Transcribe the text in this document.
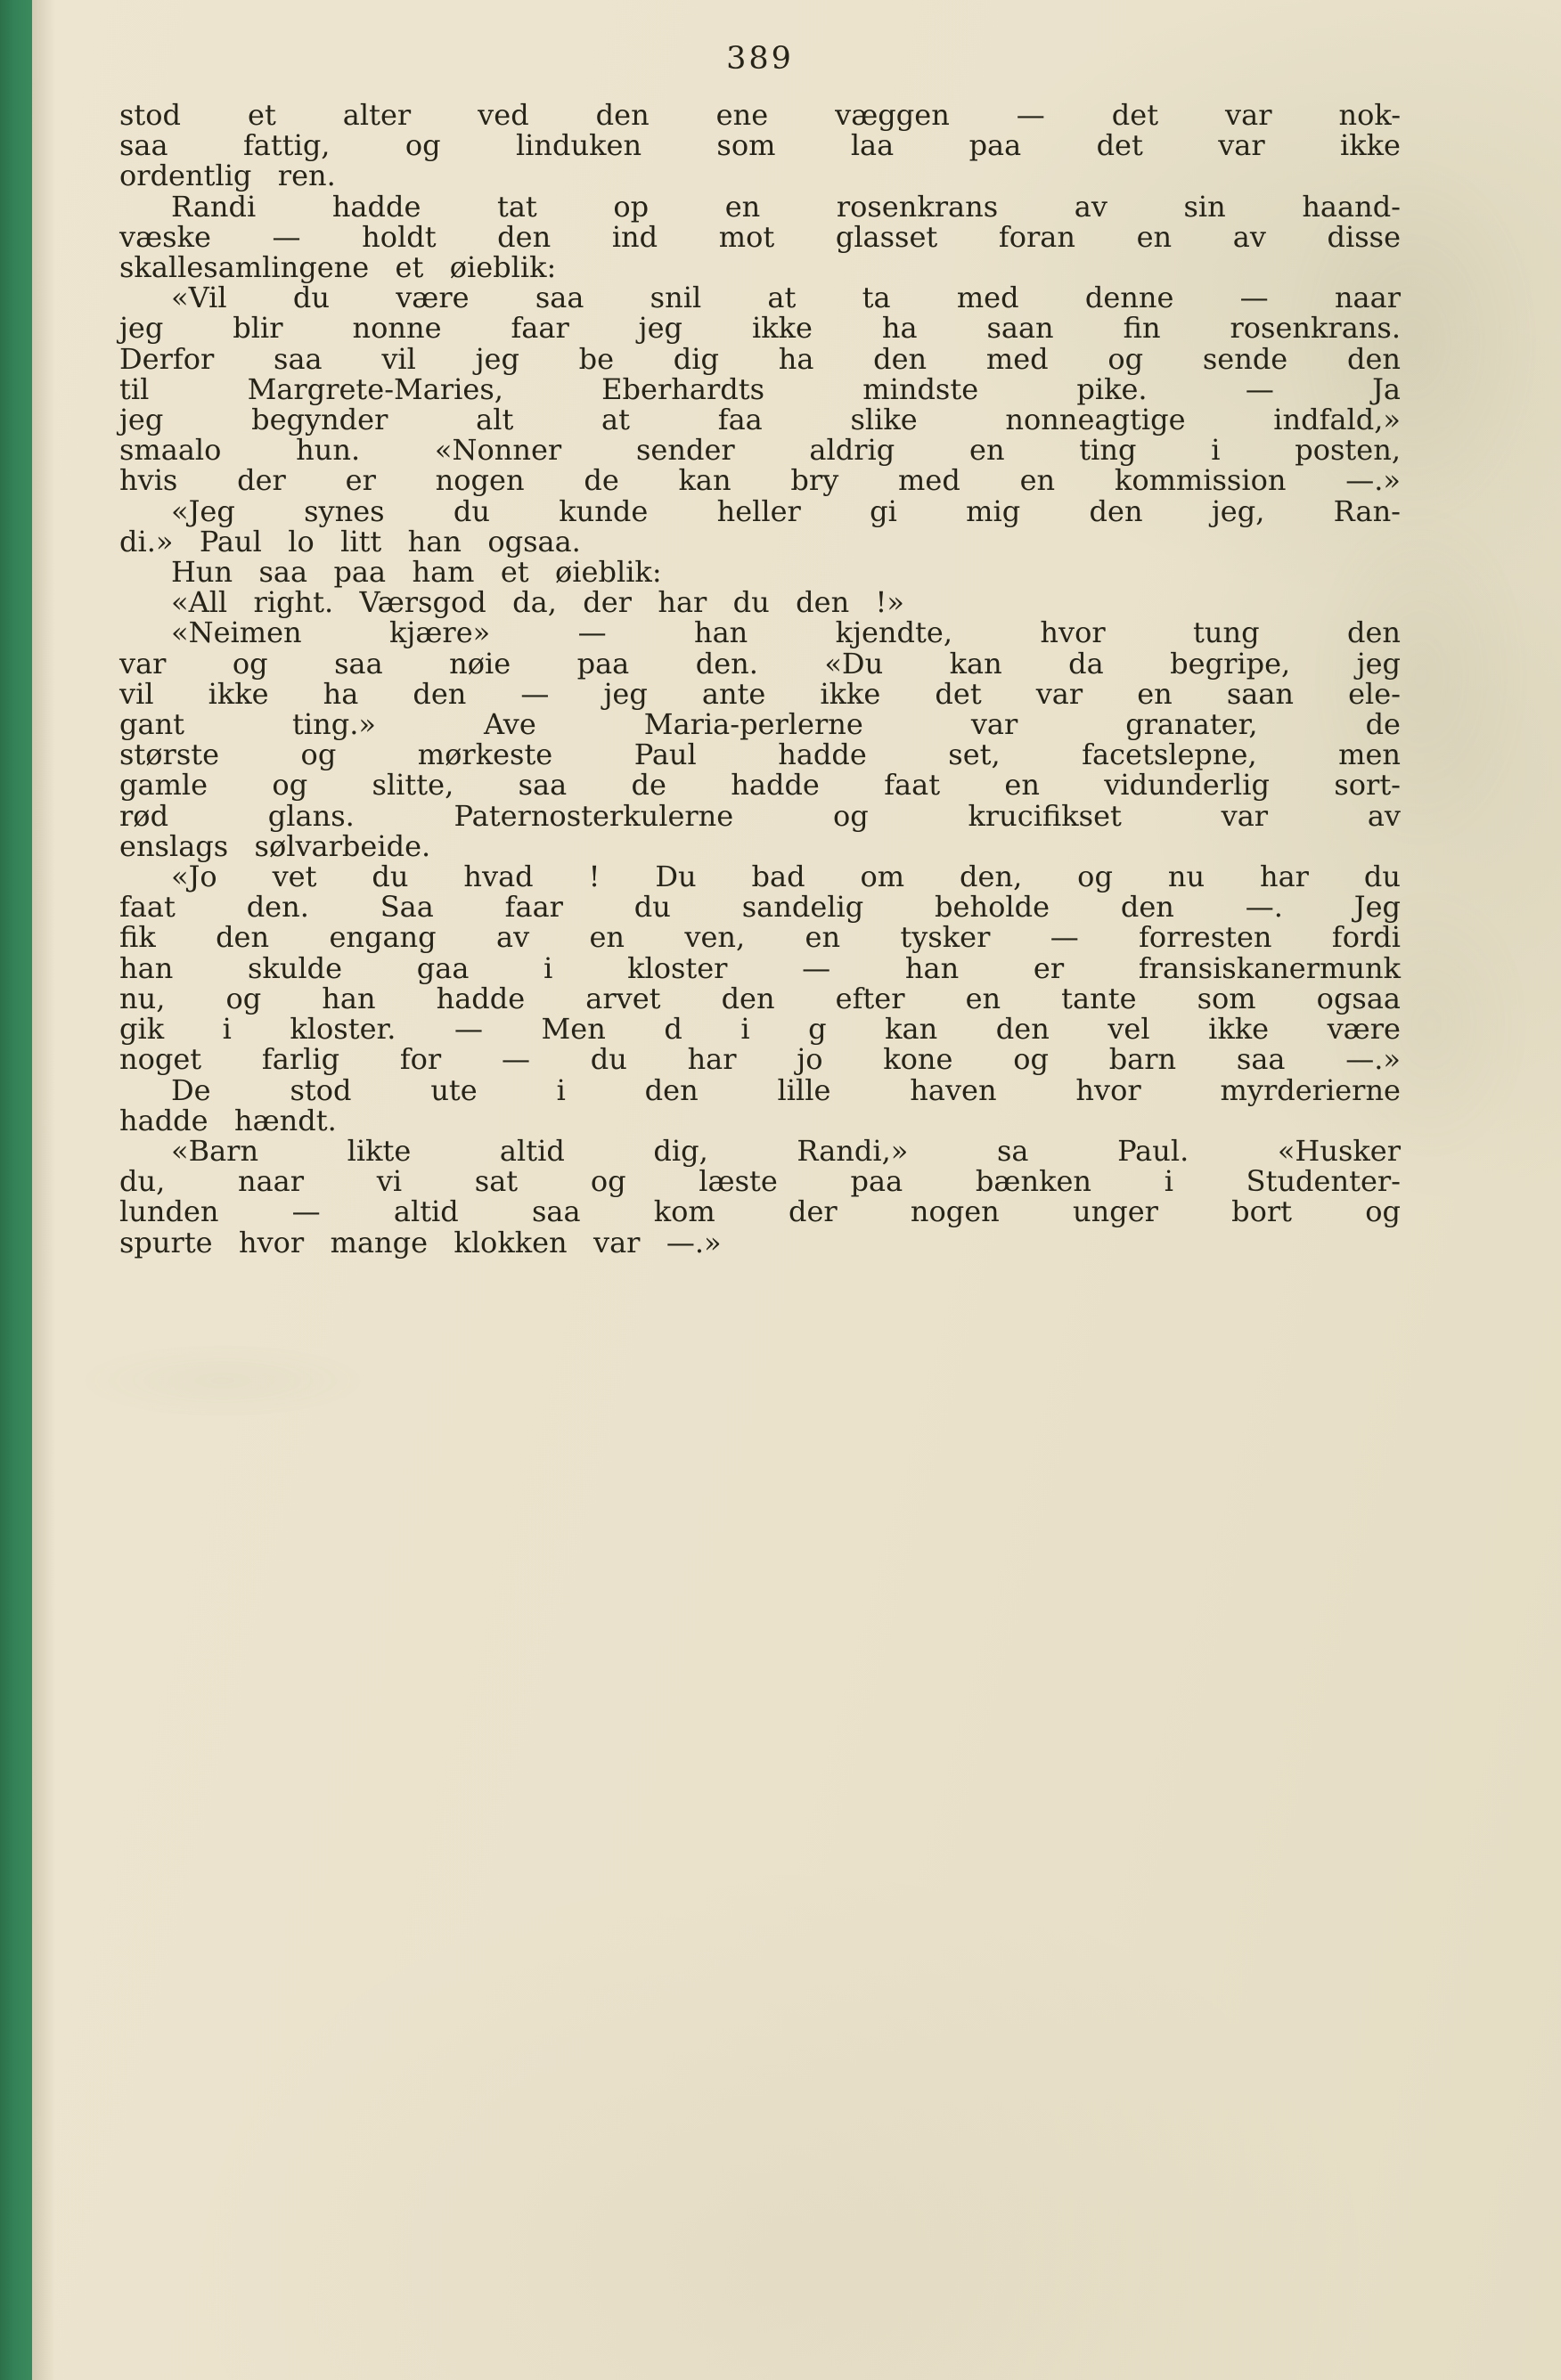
389
stod et alter ved den ene væggen — det var nok-
saa fattig, og linduken som laa paa det var ikke
ordentlig ren.
Randi hadde tat op en rosenkrans av sin haand-
væske — holdt den ind mot glasset foran en av disse
skallesamlingene et øieblik:
«Vil du være saa snil at ta med denne — naar
jeg blir nonne faar jeg ikke ha saan fin rosenkrans.
Derfor saa vil jeg be dig ha den med og sende den
til Margrete-Maries, Eberhardts mindste pike. — Ja
jeg begynder alt at faa slike nonneagtige indfald,»
smaalo hun. «Nonner sender aldrig en ting i posten,
hvis der er nogen de kan bry med en kommission —.»
«Jeg synes du kunde heller gi mig den jeg, Ran-
di.» Paul lo litt han ogsaa.
Hun saa paa ham et øieblik:
«All right. Værsgod da, der har du den !»
«Neimen kjære» — han kjendte, hvor tung den
var og saa nøie paa den. «Du kan da begripe, jeg
vil ikke ha den — jeg ante ikke det var en saan ele-
gant ting.» Ave Maria-perlerne var granater, de
største og mørkeste Paul hadde set, facetslepne, men
gamle og slitte, saa de hadde faat en vidunderlig sort-
rød glans. Paternosterkulerne og krucifikset var av
enslags sølvarbeide.
«Jo vet du hvad ! Du bad om den, og nu har du
faat den. Saa faar du sandelig beholde den —. Jeg
fik den engang av en ven, en tysker — forresten fordi
han skulde gaa i kloster — han er fransiskanermunk
nu, og han hadde arvet den efter en tante som ogsaa
gik i kloster. — Men d i g kan den vel ikke være
noget farlig for — du har jo kone og barn saa —.»
De stod ute i den lille haven hvor myrderierne
hadde hændt.
«Barn likte altid dig, Randi,» sa Paul. «Husker
du, naar vi sat og læste paa bænken i Studenter-
lunden — altid saa kom der nogen unger bort og
spurte hvor mange klokken var —.»
